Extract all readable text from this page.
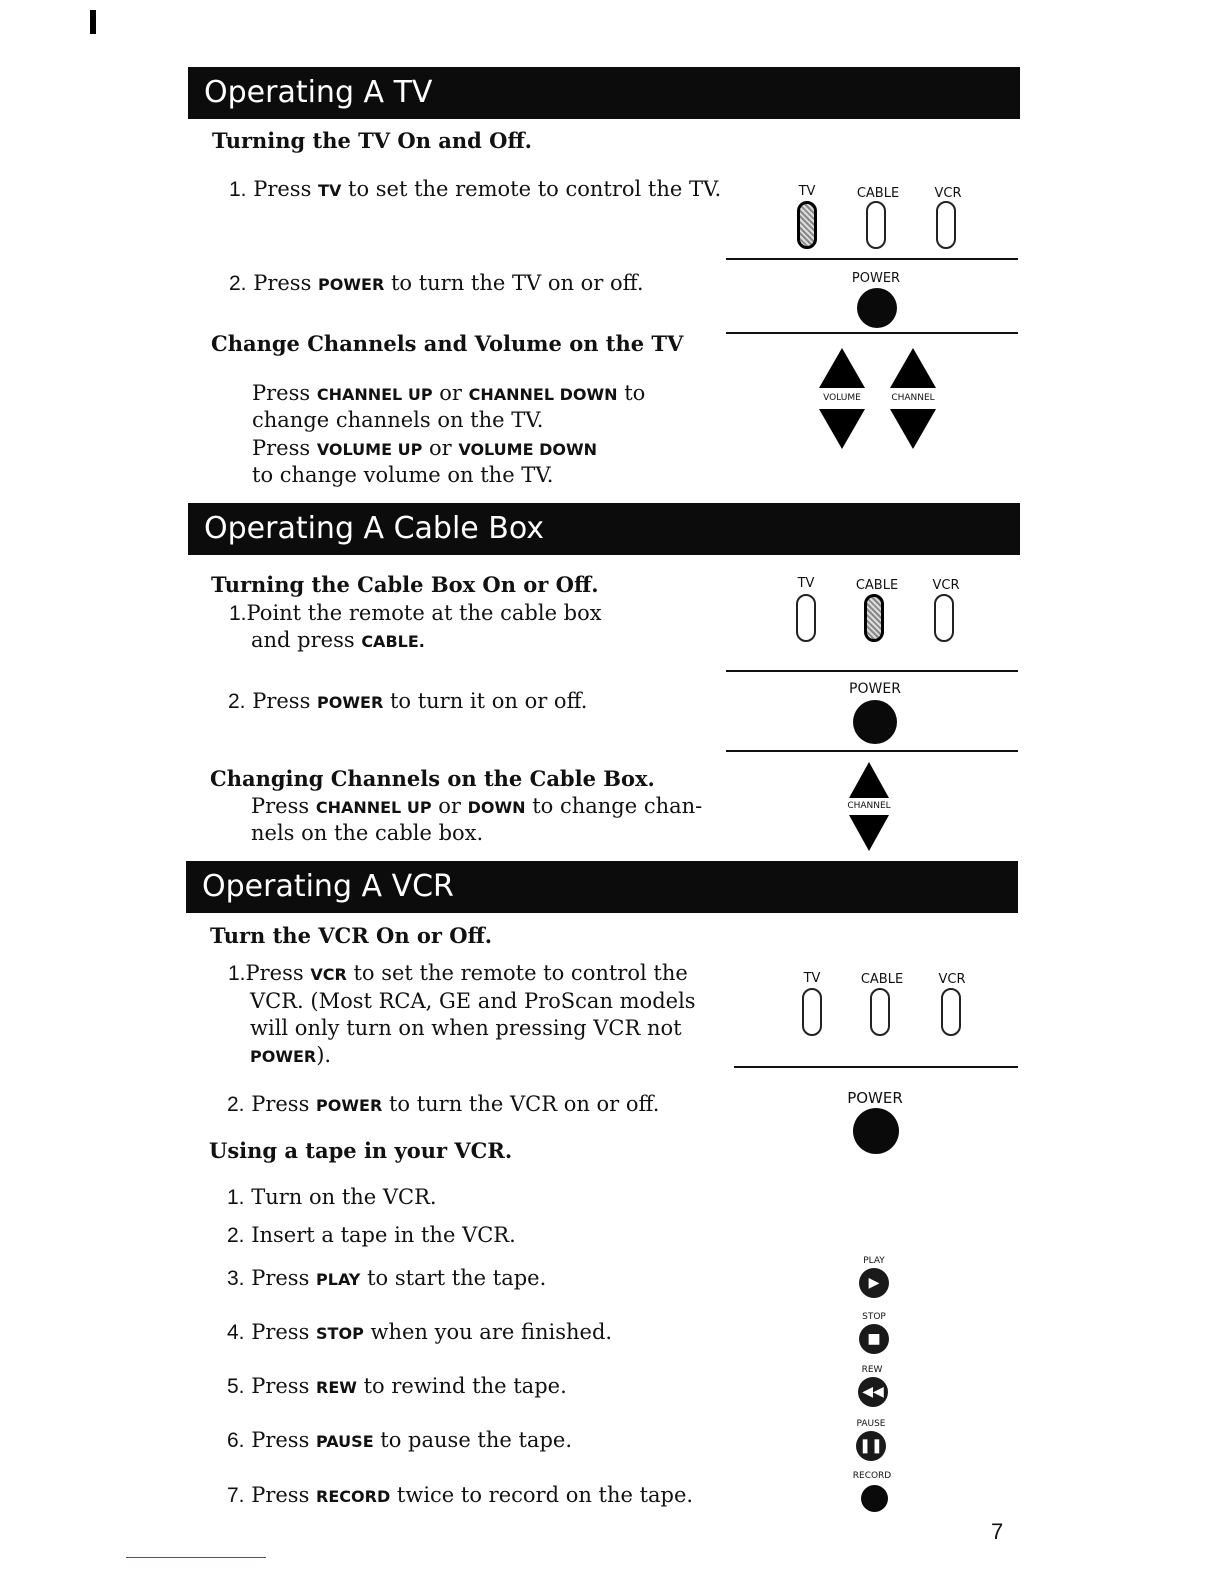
Operating A TV
Turning the TV On and Off.
1. Press TV to set the remote to control the TV.
2. Press POWER to turn the TV on or off.
Change Channels and Volume on the TV
Press CHANNEL UP or CHANNEL DOWN to
change channels on the TV.
Press VOLUME UP or VOLUME DOWN
to change volume on the TV.
TV	CABLE	VCR
POWER
VOLUME	CHANNEL
Operating A Cable Box
Turning the Cable Box On or Off.
1.Point the remote at the cable box
and press CABLE.
2. Press POWER to turn it on or off.
Changing Channels on the Cable Box.
Press CHANNEL UP or DOWN to change chan-
nels on the cable box.
TV	CABLE	VCR
POWER
CHANNEL
Operating A VCR
Turn the VCR On or Off.
1.Press VCR to set the remote to control the
VCR. (Most RCA, GE and ProScan models
will only turn on when pressing VCR not
POWER).
2. Press POWER to turn the VCR on or off.
Using a tape in your VCR.
1. Turn on the VCR.
2. Insert a tape in the VCR.
3. Press PLAY to start the tape.
4. Press STOP when you are finished.
5. Press REW to rewind the tape.
6. Press PAUSE to pause the tape.
7. Press RECORD twice to record on the tape.
TV	CABLE	VCR
POWER
PLAY
▶
STOP
■
REW
◀◀
PAUSE
❚❚
RECORD
7
